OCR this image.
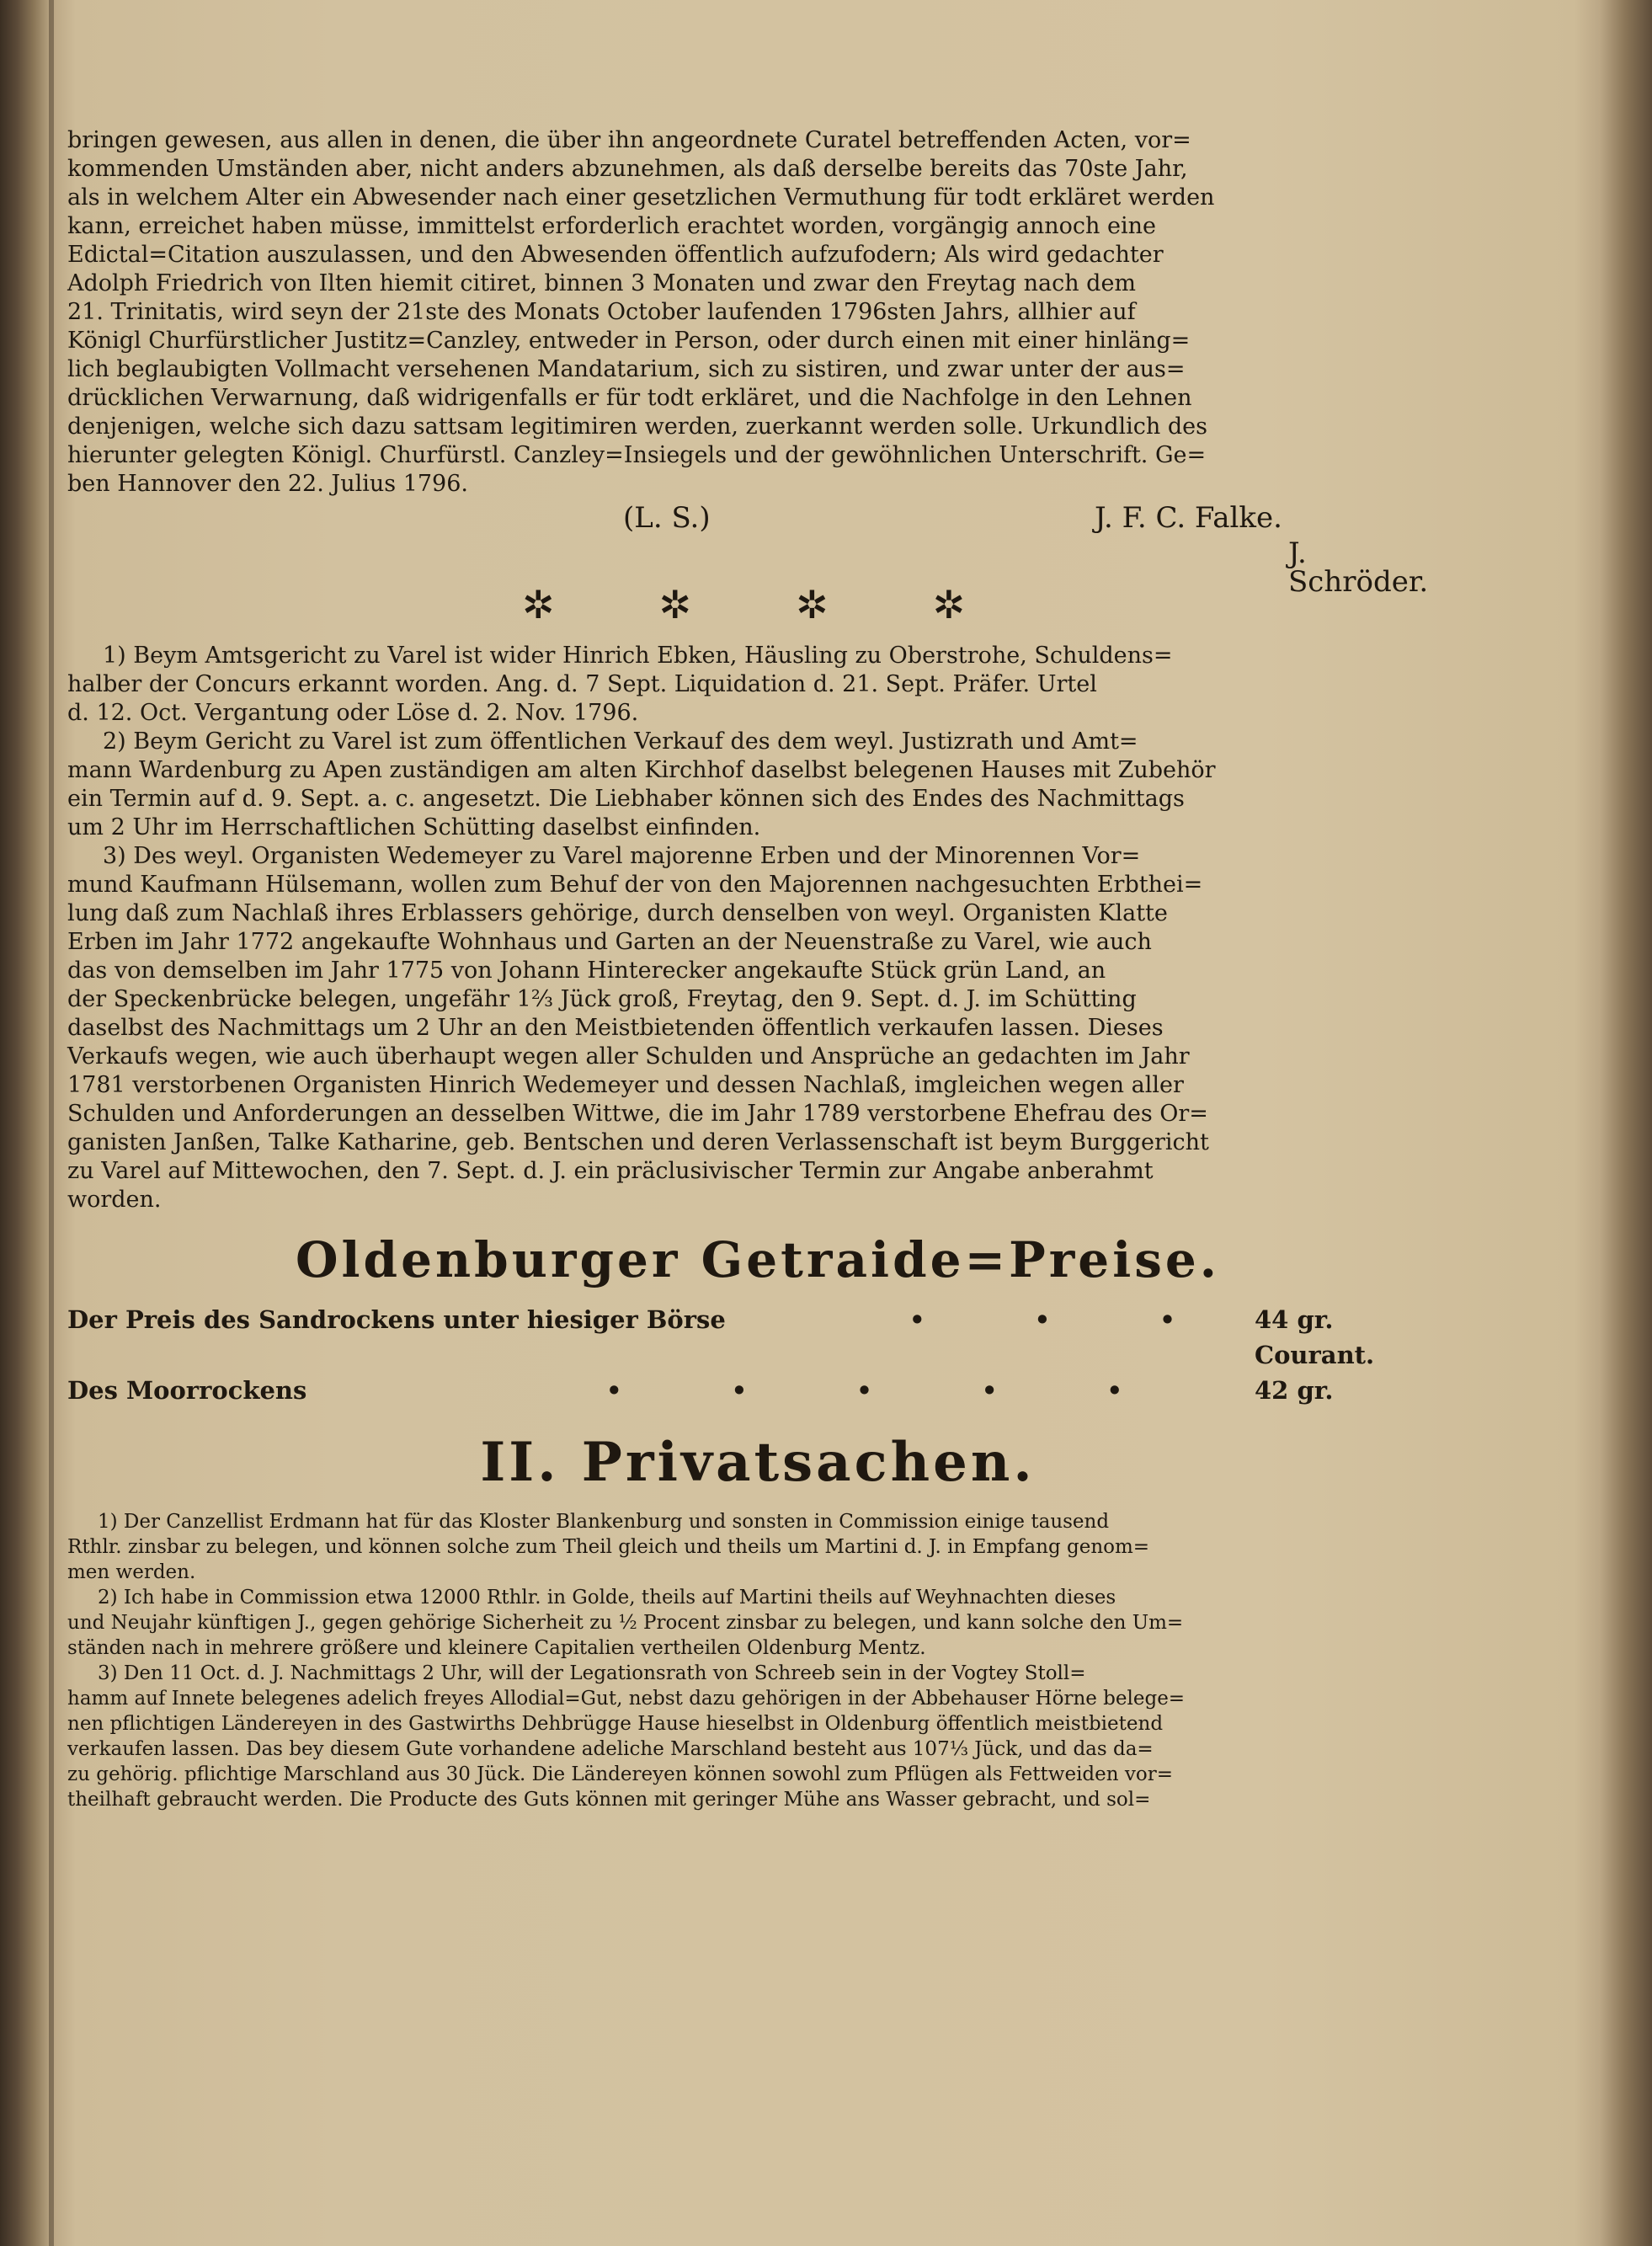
bringen gewesen, aus allen in denen, die über ihn angeordnete Curatel betreffenden Acten, vor=
kommenden Umständen aber, nicht anders abzunehmen, als daß derselbe bereits das 70ste Jahr,
als in welchem Alter ein Abwesender nach einer gesetzlichen Vermuthung für todt erkläret werden
kann, erreichet haben müsse, immittelst erforderlich erachtet worden, vorgängig annoch eine
Edictal=Citation auszulassen, und den Abwesenden öffentlich aufzufodern; Als wird gedachter
Adolph Friedrich von Ilten hiemit citiret, binnen 3 Monaten und zwar den Freytag nach dem
21. Trinitatis, wird seyn der 21ste des Monats October laufenden 1796sten Jahrs, allhier auf
Königl Churfürstlicher Justitz=Canzley, entweder in Person, oder durch einen mit einer hinläng=
lich beglaubigten Vollmacht versehenen Mandatarium, sich zu sistiren, und zwar unter der aus=
drücklichen Verwarnung, daß widrigenfalls er für todt erkläret, und die Nachfolge in den Lehnen
denjenigen, welche sich dazu sattsam legitimiren werden, zuerkannt werden solle. Urkundlich des
hierunter gelegten Königl. Churfürstl. Canzley=Insiegels und der gewöhnlichen Unterschrift. Ge=
ben Hannover den 22. Julius 1796.
(L. S.)	J. F. C. Falke.
J. Schröder.
✲	✲	✲	✲
1) Beym Amtsgericht zu Varel ist wider Hinrich Ebken, Häusling zu Oberstrohe, Schuldens=
halber der Concurs erkannt worden. Ang. d. 7 Sept. Liquidation d. 21. Sept. Präfer. Urtel
d. 12. Oct. Vergantung oder Löse d. 2. Nov. 1796.
2) Beym Gericht zu Varel ist zum öffentlichen Verkauf des dem weyl. Justizrath und Amt=
mann Wardenburg zu Apen zuständigen am alten Kirchhof daselbst belegenen Hauses mit Zubehör
ein Termin auf d. 9. Sept. a. c. angesetzt. Die Liebhaber können sich des Endes des Nachmittags
um 2 Uhr im Herrschaftlichen Schütting daselbst einfinden.
3) Des weyl. Organisten Wedemeyer zu Varel majorenne Erben und der Minorennen Vor=
mund Kaufmann Hülsemann, wollen zum Behuf der von den Majorennen nachgesuchten Erbthei=
lung daß zum Nachlaß ihres Erblassers gehörige, durch denselben von weyl. Organisten Klatte
Erben im Jahr 1772 angekaufte Wohnhaus und Garten an der Neuenstraße zu Varel, wie auch
das von demselben im Jahr 1775 von Johann Hinterecker angekaufte Stück grün Land, an
der Speckenbrücke belegen, ungefähr 1⅔ Jück groß, Freytag, den 9. Sept. d. J. im Schütting
daselbst des Nachmittags um 2 Uhr an den Meistbietenden öffentlich verkaufen lassen. Dieses
Verkaufs wegen, wie auch überhaupt wegen aller Schulden und Ansprüche an gedachten im Jahr
1781 verstorbenen Organisten Hinrich Wedemeyer und dessen Nachlaß, imgleichen wegen aller
Schulden und Anforderungen an desselben Wittwe, die im Jahr 1789 verstorbene Ehefrau des Or=
ganisten Janßen, Talke Katharine, geb. Bentschen und deren Verlassenschaft ist beym Burggericht
zu Varel auf Mittewochen, den 7. Sept. d. J. ein präclusivischer Termin zur Angabe anberahmt
worden.
Oldenburger Getraide=Preise.
Der Preis des Sandrockens unter hiesiger Börse	• • •	44 gr. Courant.
Des Moorrockens	• • • • •	42 gr.
II. Privatsachen.
1) Der Canzellist Erdmann hat für das Kloster Blankenburg und sonsten in Commission einige tausend
Rthlr. zinsbar zu belegen, und können solche zum Theil gleich und theils um Martini d. J. in Empfang genom=
men werden.
2) Ich habe in Commission etwa 12000 Rthlr. in Golde, theils auf Martini theils auf Weyhnachten dieses
und Neujahr künftigen J., gegen gehörige Sicherheit zu ½ Procent zinsbar zu belegen, und kann solche den Um=
ständen nach in mehrere größere und kleinere Capitalien vertheilen Oldenburg Mentz.
3) Den 11 Oct. d. J. Nachmittags 2 Uhr, will der Legationsrath von Schreeb sein in der Vogtey Stoll=
hamm auf Innete belegenes adelich freyes Allodial=Gut, nebst dazu gehörigen in der Abbehauser Hörne belege=
nen pflichtigen Ländereyen in des Gastwirths Dehbrügge Hause hieselbst in Oldenburg öffentlich meistbietend
verkaufen lassen. Das bey diesem Gute vorhandene adeliche Marschland besteht aus 107⅓ Jück, und das da=
zu gehörig. pflichtige Marschland aus 30 Jück. Die Ländereyen können sowohl zum Pflügen als Fettweiden vor=
theilhaft gebraucht werden. Die Producte des Guts können mit geringer Mühe ans Wasser gebracht, und sol=
